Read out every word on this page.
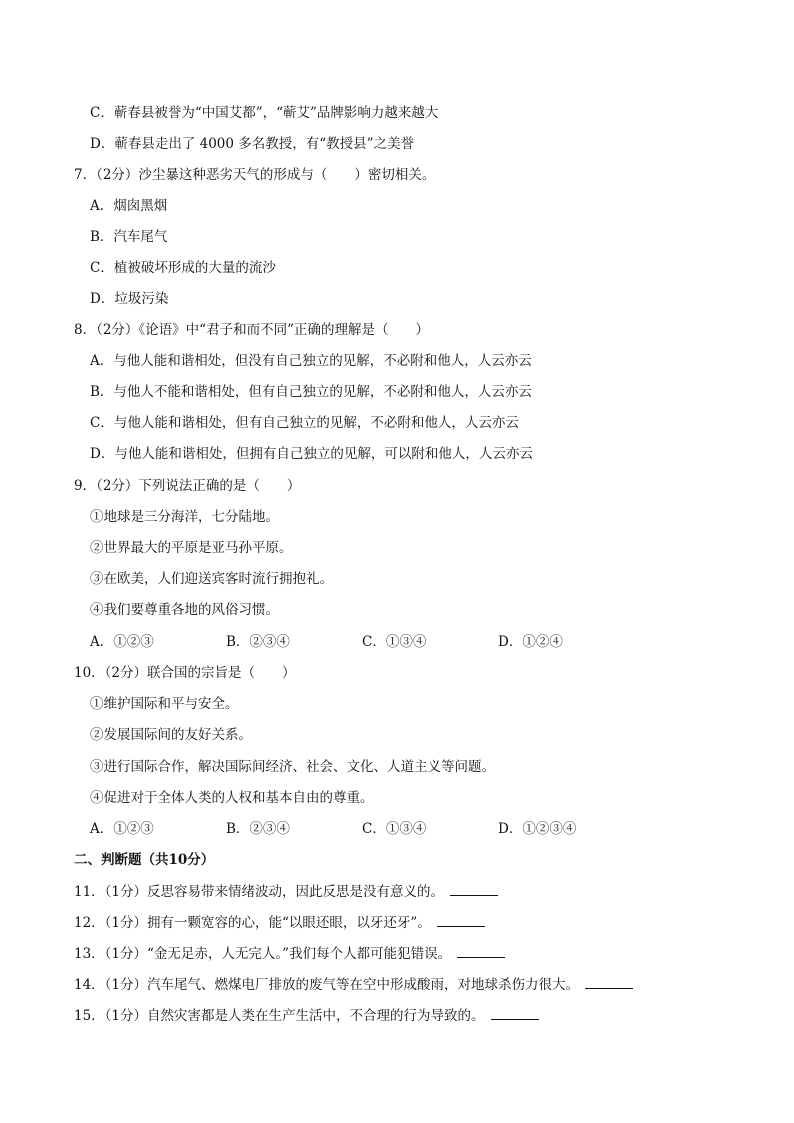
C．蕲春县被誉为“中国艾都”，“蕲艾”品牌影响力越来越大
D．蕲春县走出了 4000 多名教授，有“教授县”之美誉
7．（2分）沙尘暴这种恶劣天气的形成与（　　）密切相关。
A．烟囱黑烟
B．汽车尾气
C．植被破坏形成的大量的流沙
D．垃圾污染
8．（2分）《论语》中“君子和而不同”正确的理解是（　　）
A．与他人能和谐相处，但没有自己独立的见解，不必附和他人，人云亦云
B．与他人不能和谐相处，但有自己独立的见解，不必附和他人，人云亦云
C．与他人能和谐相处，但有自己独立的见解，不必附和他人，人云亦云
D．与他人能和谐相处，但拥有自己独立的见解，可以附和他人，人云亦云
9．（2分）下列说法正确的是（　　）
①地球是三分海洋，七分陆地。
②世界最大的平原是亚马孙平原。
③在欧美，人们迎送宾客时流行拥抱礼。
④我们要尊重各地的风俗习惯。
A．①②③	B．②③④	C．①③④	D．①②④
10．（2分）联合国的宗旨是（　　）
①维护国际和平与安全。
②发展国际间的友好关系。
③进行国际合作，解决国际间经济、社会、文化、人道主义等问题。
④促进对于全体人类的人权和基本自由的尊重。
A．①②③	B．②③④	C．①③④	D．①②③④
二、判断题（共10分）
11．（1分）反思容易带来情绪波动，因此反思是没有意义的。
12．（1分）拥有一颗宽容的心，能“以眼还眼，以牙还牙”。
13．（1分）“金无足赤，人无完人。”我们每个人都可能犯错误。
14．（1分）汽车尾气、燃煤电厂排放的废气等在空中形成酸雨，对地球杀伤力很大。
15．（1分）自然灾害都是人类在生产生活中，不合理的行为导致的。
